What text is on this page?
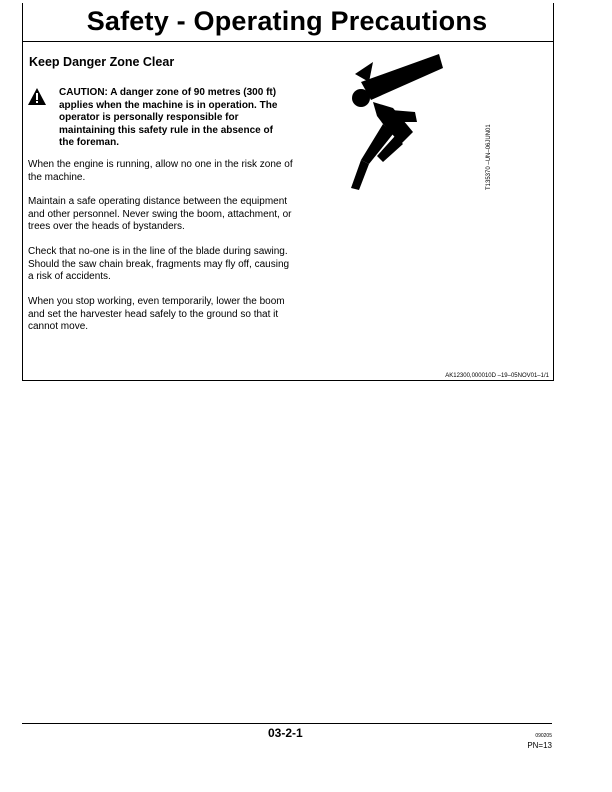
Safety - Operating Precautions
Keep Danger Zone Clear
CAUTION: A danger zone of 90 metres (300 ft)
applies when the machine is in operation. The
operator is personally responsible for
maintaining this safety rule in the absence of
the foreman.
When the engine is running, allow no one in the risk zone of the machine.
Maintain a safe operating distance between the equipment and other personnel. Never swing the boom, attachment, or trees over the heads of bystanders.
Check that no-one is in the line of the blade during sawing. Should the saw chain break, fragments may fly off, causing a risk of accidents.
When you stop working, even temporarily, lower the boom and set the harvester head safely to the ground so that it cannot move.
T135370 –UN–06JUN01
AK12300,000010D –19–05NOV01–1/1
03-2-1	090205
PN=13
